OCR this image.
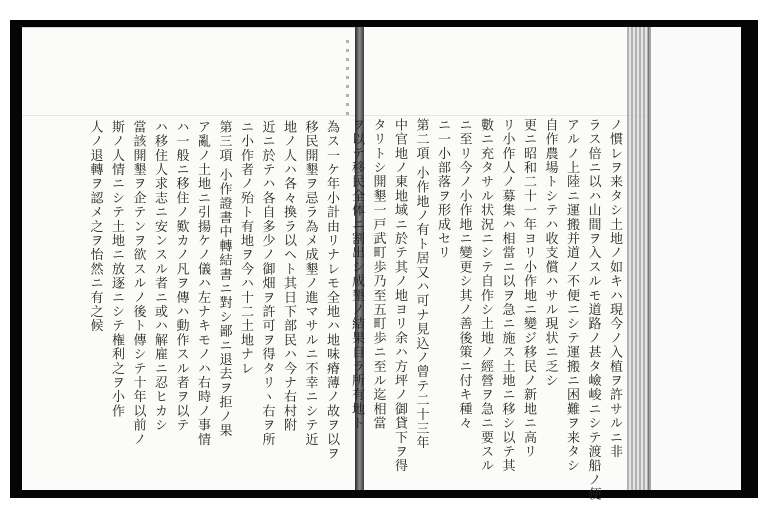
為ス一ケ年小計由リナレモ全地ハ地味瘠薄ノ故ヲ以ヲ
移民開墾ヲ忌ラ為メ成墾ノ進マサルニ不幸ニシテ近
地ノ人ハ各々換ラ以ヘト其日下部民ハ今ナ右村附
近ニ於テハ各自多少ノ御畑ヲ許可ヲ得タリヽ右ヲ所
ニ小作者ノ殆ト有地ヲ今ハ十二土地ナレ
第三項 小作證書中轉結書ニ對シ鄙ニ退去ヲ拒ノ果
ア亂ノ土地ニ引揚ケノ儀ハ左ナキモノハ右時ノ事情
ハ一般ニ移住ノ歎カノ凡ヲ傳ハ動作スル者ヲ以テ
ハ移住人求志ニ安ンスル者ニ或ハ解雇ニ忍ヒカシ
當該開墾ヲ企テンヲ欲スルノ後ト傳シテ十年以前ノ
斯ノ人情ニシテ土地ニ放逐ニシテ権利之ヲ小作
人ノ退轉ヲ認メ之ヲ怡然ニ有之候	ノ慣レヲ来タシ土地ノ如キハ現今ノ入植ヲ許サルニ非
ラス倍ニ以ハ山間ヲ入スルモ道路ノ甚タ嶮峻ニシテ渡船ノ便
アルノ上陸ニ運搬并道ノ不便ニシテ運搬ニ困難ヲ来タシ
自作農場トシテハ收支償ハサル現状ニ乏シ
更ニ昭和二十一年ヨリ小作地ニ變ジ移民ノ新地ニ高リ
リ小作人ノ募集ハ相當ニ以ヲ急ニ施ス土地ニ移シ以テ其
數ニ充タサル状況ニシテ自作シ土地ノ經營ヲ急ニ要スル
ニ至リ今ノ小作地ニ變更シ其ノ善後策ニ付キ種々
ニ一小部落ヲ形成セリ
第二項 小作地ノ有ト居又ハ可ナ見込ノ曾テ二十三年
中官地ノ東地域ニ於テ其ノ地ヨリ余ハ方坪ノ御貸下ヲ得
タリトシ開墾一戸武町歩乃至五町歩ニ至ル迄相當
ヲ以テ移民全体ニ割出シ成墾ノ結果自ラ所有地ト
